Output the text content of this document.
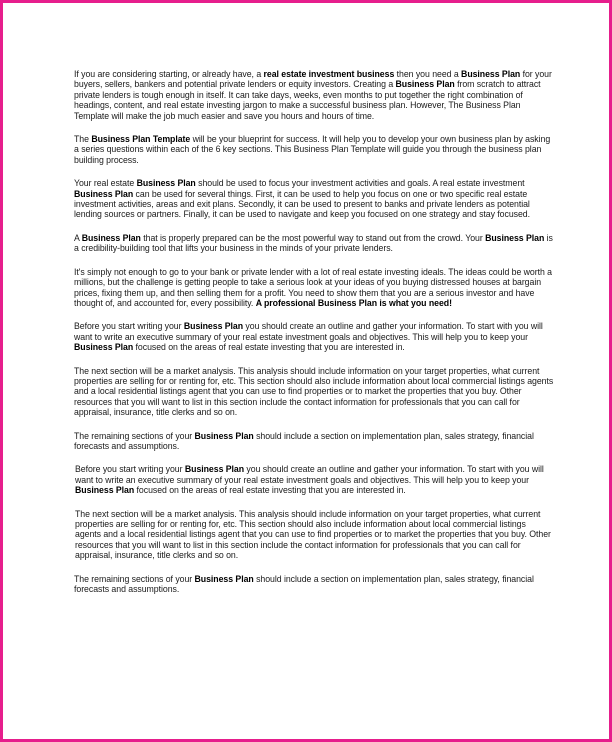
If you are considering starting, or already have, a real estate investment business then you need a Business Plan for your buyers, sellers, bankers and potential private lenders or equity investors. Creating a Business Plan from scratch to attract private lenders is tough enough in itself. It can take days, weeks, even months to put together the right combination of headings, content, and real estate investing jargon to make a successful business plan. However, The Business Plan Template will make the job much easier and save you hours and hours of time.

The Business Plan Template will be your blueprint for success. It will help you to develop your own business plan by asking a series questions within each of the 6 key sections. This Business Plan Template will guide you through the business plan building process.

Your real estate Business Plan should be used to focus your investment activities and goals. A real estate investment Business Plan can be used for several things. First, it can be used to help you focus on one or two specific real estate investment activities, areas and exit plans. Secondly, it can be used to present to banks and private lenders as potential lending sources or partners. Finally, it can be used to navigate and keep you focused on one strategy and stay focused.

A Business Plan that is properly prepared can be the most powerful way to stand out from the crowd. Your Business Plan is a credibility-building tool that lifts your business in the minds of your private lenders.

It's simply not enough to go to your bank or private lender with a lot of real estate investing ideals. The ideas could be worth a millions, but the challenge is getting people to take a serious look at your ideas of you buying distressed houses at bargain prices, fixing them up, and then selling them for a profit. You need to show them that you are a serious investor and have thought of, and accounted for, every possibility. A professional Business Plan is what you need!

Before you start writing your Business Plan you should create an outline and gather your information. To start with you will want to write an executive summary of your real estate investment goals and objectives. This will help you to keep your Business Plan focused on the areas of real estate investing that you are interested in.

The next section will be a market analysis. This analysis should include information on your target properties, what current properties are selling for or renting for, etc. This section should also include information about local commercial listings agents and a local residential listings agent that you can use to find properties or to market the properties that you buy. Other resources that you will want to list in this section include the contact information for professionals that you can call for appraisal, insurance, title clerks and so on.

The remaining sections of your Business Plan should include a section on implementation plan, sales strategy, financial forecasts and assumptions.

Before you start writing your Business Plan you should create an outline and gather your information. To start with you will want to write an executive summary of your real estate investment goals and objectives. This will help you to keep your Business Plan focused on the areas of real estate investing that you are interested in.

The next section will be a market analysis. This analysis should include information on your target properties, what current properties are selling for or renting for, etc. This section should also include information about local commercial listings agents and a local residential listings agent that you can use to find properties or to market the properties that you buy. Other resources that you will want to list in this section include the contact information for professionals that you can call for appraisal, insurance, title clerks and so on.

The remaining sections of your Business Plan should include a section on implementation plan, sales strategy, financial forecasts and assumptions.
